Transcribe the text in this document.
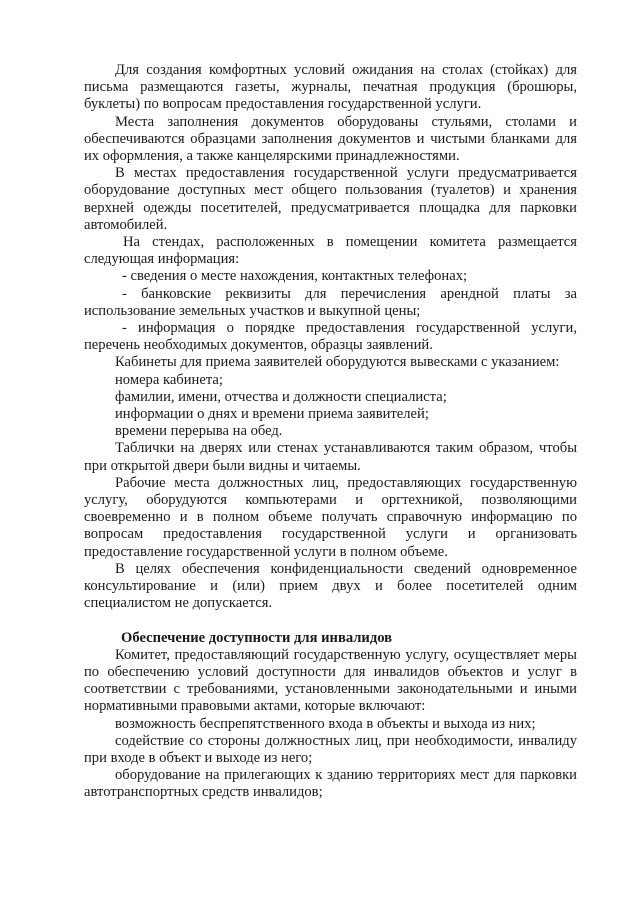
Для создания комфортных условий ожидания на столах (стойках) для письма размещаются газеты, журналы, печатная продукция (брошюры, буклеты) по вопросам предоставления государственной услуги.

Места заполнения документов оборудованы стульями, столами и обеспечиваются образцами заполнения документов и чистыми бланками для их оформления, а также канцелярскими принадлежностями.

В местах предоставления государственной услуги предусматривается оборудование доступных мест общего пользования (туалетов) и хранения верхней одежды посетителей, предусматривается площадка для парковки автомобилей.

На стендах, расположенных в помещении комитета размещается следующая информация:

- сведения о месте нахождения, контактных телефонах;

- банковские реквизиты для перечисления арендной платы за использование земельных участков и выкупной цены;

- информация о порядке предоставления государственной услуги, перечень необходимых документов, образцы заявлений.

Кабинеты для приема заявителей оборудуются вывесками с указанием:

номера кабинета;

фамилии, имени, отчества и должности специалиста;

информации о днях и времени приема заявителей;

времени перерыва на обед.

Таблички на дверях или стенах устанавливаются таким образом, чтобы при открытой двери были видны и читаемы.

Рабочие места должностных лиц, предоставляющих государственную услугу, оборудуются компьютерами и оргтехникой, позволяющими своевременно и в полном объеме получать справочную информацию по вопросам предоставления государственной услуги и организовать предоставление государственной услуги в полном объеме.

В целях обеспечения конфиденциальности сведений одновременное консультирование и (или) прием двух и более посетителей одним специалистом не допускается.

Обеспечение доступности для инвалидов

Комитет, предоставляющий государственную услугу, осуществляет меры по обеспечению условий доступности для инвалидов объектов и услуг в соответствии с требованиями, установленными законодательными и иными нормативными правовыми актами, которые включают:

возможность беспрепятственного входа в объекты и выхода из них;

содействие со стороны должностных лиц, при необходимости, инвалиду при входе в объект и выходе из него;

оборудование на прилегающих к зданию территориях мест для парковки автотранспортных средств инвалидов;
